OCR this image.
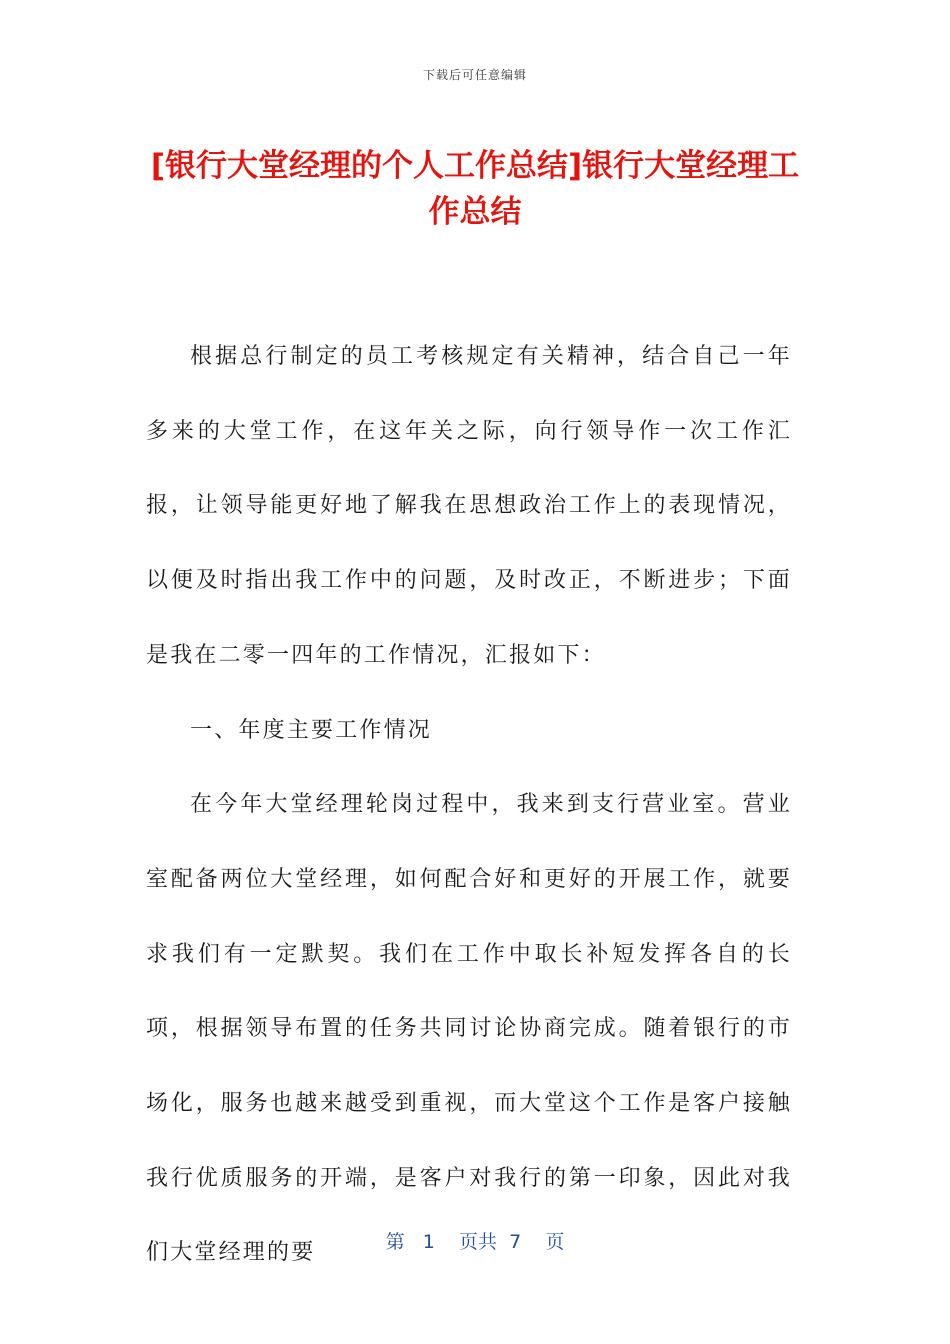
下载后可任意编辑
[银行大堂经理的个人工作总结]银行大堂经理工作总结

根据总行制定的员工考核规定有关精神，结合自己一年多来的大堂工作，在这年关之际，向行领导作一次工作汇报，让领导能更好地了解我在思想政治工作上的表现情况，以便及时指出我工作中的问题，及时改正，不断进步；下面是我在二零一四年的工作情况，汇报如下：

一、年度主要工作情况

在今年大堂经理轮岗过程中，我来到支行营业室。营业室配备两位大堂经理，如何配合好和更好的开展工作，就要求我们有一定默契。我们在工作中取长补短发挥各自的长项，根据领导布置的任务共同讨论协商完成。随着银行的市场化，服务也越来越受到重视，而大堂这个工作是客户接触我行优质服务的开端，是客户对我行的第一印象，因此对我们大堂经理的要	第 1 页共 7 页
